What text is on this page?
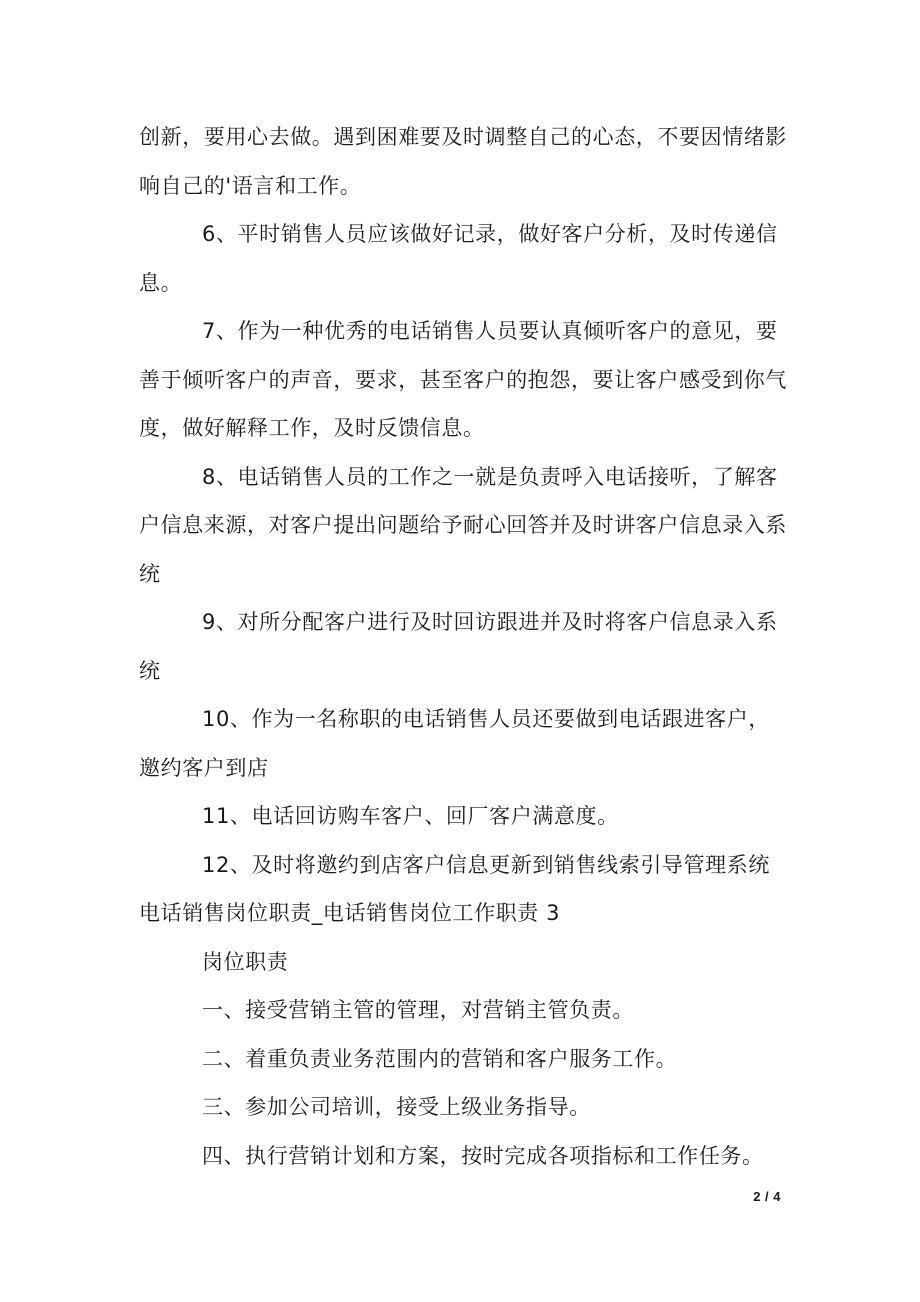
创新，要用心去做。遇到困难要及时调整自己的心态，不要因情绪影响自己的'语言和工作。

6、平时销售人员应该做好记录，做好客户分析，及时传递信息。

7、作为一种优秀的电话销售人员要认真倾听客户的意见，要善于倾听客户的声音，要求，甚至客户的抱怨，要让客户感受到你气度，做好解释工作，及时反馈信息。

8、电话销售人员的工作之一就是负责呼入电话接听，了解客户信息来源，对客户提出问题给予耐心回答并及时讲客户信息录入系统

9、对所分配客户进行及时回访跟进并及时将客户信息录入系统

10、作为一名称职的电话销售人员还要做到电话跟进客户，邀约客户到店

11、电话回访购车客户、回厂客户满意度。

12、及时将邀约到店客户信息更新到销售线索引导管理系统

电话销售岗位职责_电话销售岗位工作职责 3

岗位职责

一、接受营销主管的管理，对营销主管负责。

二、着重负责业务范围内的营销和客户服务工作。

三、参加公司培训，接受上级业务指导。

四、执行营销计划和方案，按时完成各项指标和工作任务。

2 / 4
